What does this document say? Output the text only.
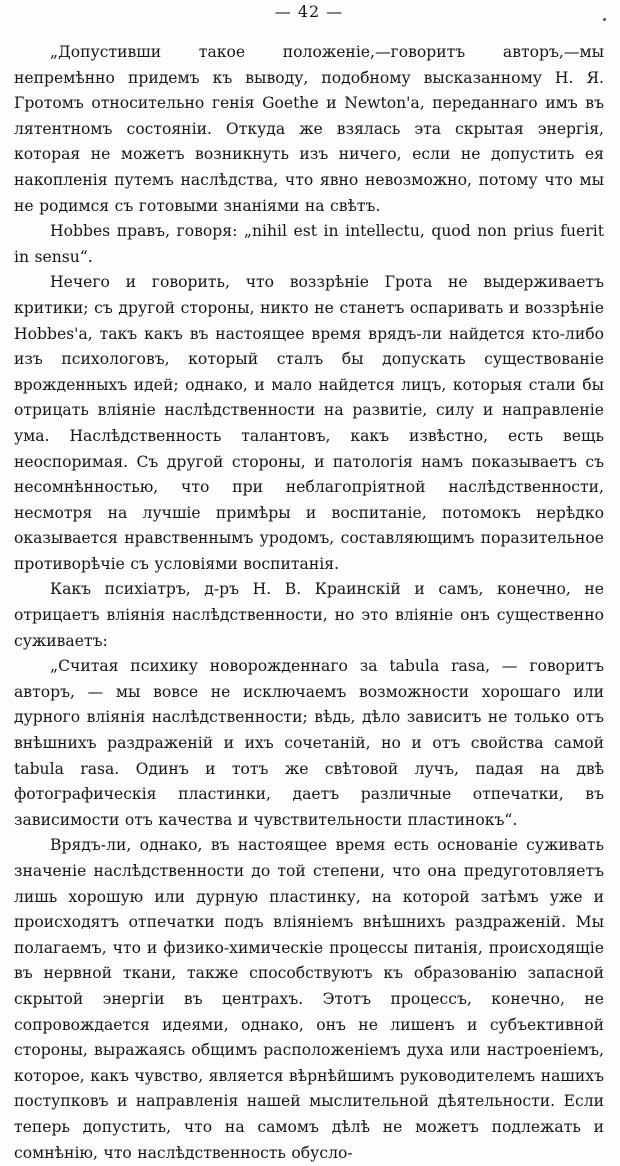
— 42 —

„Допустивши такое положеніе,—говоритъ авторъ,—мы непремѣнно придемъ къ выводу, подобному высказанному Н. Я. Гротомъ относительно генія Goethe и Newton'а, переданнаго имъ въ лятентномъ состояніи. Откуда же взялась эта скрытая энергія, которая не можетъ возникнуть изъ ничего, если не допустить ея накопленія путемъ наслѣдства, что явно невозможно, потому что мы не родимся съ готовыми знаніями на свѣтъ.

Hobbes правъ, говоря: „nihil est in intellectu, quod non prius fuerit in sensu“.

Нечего и говорить, что воззрѣніе Грота не выдерживаетъ критики; съ другой стороны, никто не станетъ оспаривать и воззрѣніе Hobbes'а, такъ какъ въ настоящее время врядъ-ли найдется кто-либо изъ психологовъ, который сталъ бы допускать существованіе врожденныхъ идей; однако, и мало найдется лицъ, которыя стали бы отрицать вліяніе наслѣдственности на развитіе, силу и направленіе ума. Наслѣдственность талантовъ, какъ извѣстно, есть вещь неоспоримая. Съ другой стороны, и патологія намъ показываетъ съ несомнѣнностью, что при неблагопріятной наслѣдственности, несмотря на лучшіе примѣры и воспитаніе, потомокъ нерѣдко оказывается нравственнымъ уродомъ, составляющимъ поразительное противорѣчіе съ условіями воспитанія.

Какъ психіатръ, д-ръ Н. В. Краинскій и самъ, конечно, не отрицаетъ вліянія наслѣдственности, но это вліяніе онъ существенно суживаетъ:

„Считая психику новорожденнаго за tabula rasa, — говоритъ авторъ, — мы вовсе не исключаемъ возможности хорошаго или дурного вліянія наслѣдственности; вѣдь, дѣло зависитъ не только отъ внѣшнихъ раздраженій и ихъ сочетаній, но и отъ свойства самой tabula rasa. Одинъ и тотъ же свѣтовой лучъ, падая на двѣ фотографическія пластинки, даетъ различные отпечатки, въ зависимости отъ качества и чувствительности пластинокъ“.

Врядъ-ли, однако, въ настоящее время есть основаніе суживать значеніе наслѣдственности до той степени, что она предуготовляетъ лишь хорошую или дурную пластинку, на которой затѣмъ уже и происходятъ отпечатки подъ вліяніемъ внѣшнихъ раздраженій. Мы полагаемъ, что и физико-химическіе процессы питанія, происходящіе въ нервной ткани, также способствуютъ къ образованію запасной скрытой энергіи въ центрахъ. Этотъ процессъ, конечно, не сопровождается идеями, однако, онъ не лишенъ и субъективной стороны, выражаясь общимъ расположеніемъ духа или настроеніемъ, которое, какъ чувство, является вѣрнѣйшимъ руководителемъ нашихъ поступковъ и направленія нашей мыслительной дѣятельности. Если теперь допустить, что на самомъ дѣлѣ не можетъ подлежать и сомнѣнію, что наслѣдственность обусло-
